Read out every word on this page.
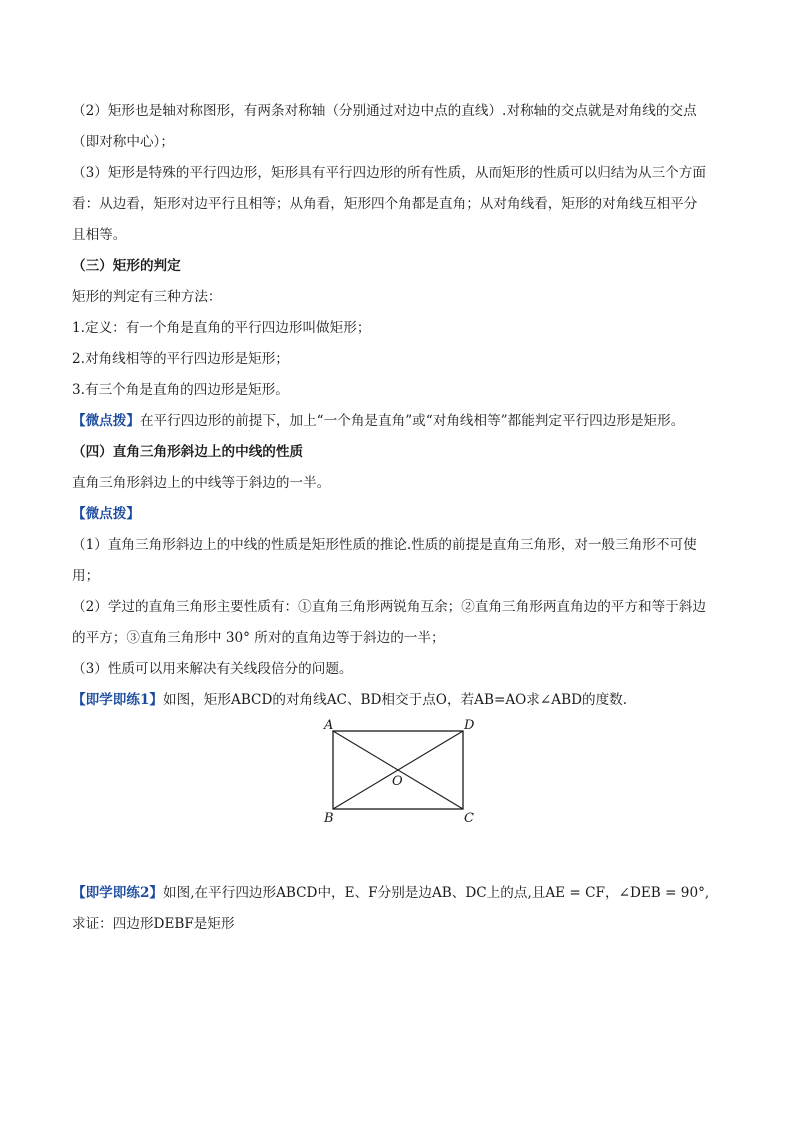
（2）矩形也是轴对称图形，有两条对称轴（分别通过对边中点的直线）.对称轴的交点就是对角线的交点

（即对称中心）；

（3）矩形是特殊的平行四边形，矩形具有平行四边形的所有性质，从而矩形的性质可以归结为从三个方面

看：从边看，矩形对边平行且相等；从角看，矩形四个角都是直角；从对角线看，矩形的对角线互相平分

且相等。

（三）矩形的判定

矩形的判定有三种方法：

1.定义：有一个角是直角的平行四边形叫做矩形；

2.对角线相等的平行四边形是矩形；

3.有三个角是直角的四边形是矩形。

【微点拨】在平行四边形的前提下，加上“一个角是直角”或“对角线相等”都能判定平行四边形是矩形。

（四）直角三角形斜边上的中线的性质

直角三角形斜边上的中线等于斜边的一半。

【微点拨】

（1）直角三角形斜边上的中线的性质是矩形性质的推论.性质的前提是直角三角形，对一般三角形不可使

用；

（2）学过的直角三角形主要性质有：①直角三角形两锐角互余；②直角三角形两直角边的平方和等于斜边

的平方；③直角三角形中 30° 所对的直角边等于斜边的一半；

（3）性质可以用来解决有关线段倍分的问题。

【即学即练1】如图，矩形ABCD的对角线AC、BD相交于点O，若AB=AO求∠ABD的度数.

A	D
B	C
O

【即学即练2】如图,在平行四边形ABCD中，E、F分别是边AB、DC上的点,且AE = CF，∠DEB = 90°,

求证：四边形DEBF是矩形
